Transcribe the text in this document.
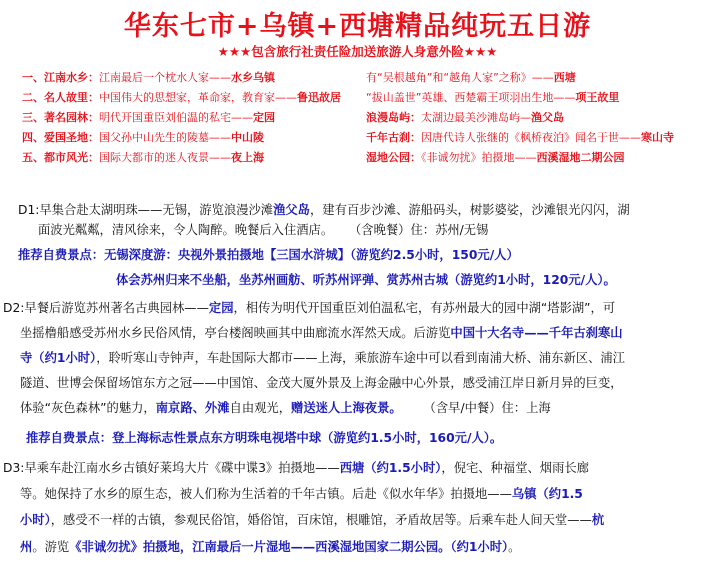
华东七市+乌镇+西塘精品纯玩五日游
★★★包含旅行社责任险加送旅游人身意外险★★★
一、江南水乡：江南最后一个枕水人家——水乡乌镇	有“吴根越角”和“越角人家”之称》——西塘
二、名人故里：中国伟大的思想家，革命家，教育家——鲁迅故居	“拔山盖世”英雄、西楚霸王项羽出生地——项王故里
三、著名园林：明代开国重臣刘伯温的私宅——定园	浪漫岛屿：太湖边最美沙滩岛屿—渔父岛
四、爱国圣地：国父孙中山先生的陵墓——中山陵	千年古刹：因唐代诗人张继的《枫桥夜泊》闻名于世——寒山寺
五、都市风光：国际大都市的迷人夜景——夜上海	湿地公园：《非诚勿扰》拍摄地——西溪湿地二期公园
D1:早集合赴太湖明珠——无锡，游览浪漫沙滩渔父岛，建有百步沙滩、游船码头，树影婆娑，沙滩银光闪闪，湖
面波光粼粼，清风徐来，令人陶醉。晚餐后入住酒店。 （含晚餐）住：苏州/无锡
推荐自费景点：无锡深度游：央视外景拍摄地【三国水浒城】（游览约2.5小时，150元/人）
体会苏州归来不坐船，坐苏州画舫、听苏州评弹、赏苏州古城（游览约1小时，120元/人）。
D2:早餐后游览苏州著名古典园林——定园，相传为明代开国重臣刘伯温私宅，有苏州最大的园中湖“塔影湖”，可
坐摇橹船感受苏州水乡民俗风情，亭台楼阁映画其中曲廊流水浑然天成。后游览中国十大名寺——千年古刹寒山
寺（约1小时），聆听寒山寺钟声，车赴国际大都市——上海，乘旅游车途中可以看到南浦大桥、浦东新区、浦江
隧道、世博会保留场馆东方之冠——中国馆、金茂大厦外景及上海金融中心外景，感受浦江岸日新月异的巨变，
体验“灰色森林”的魅力，南京路、外滩自由观光，赠送迷人上海夜景。 （含早/中餐）住：上海
推荐自费景点：登上海标志性景点东方明珠电视塔中球（游览约1.5小时，160元/人）。
D3:早乘车赴江南水乡古镇好莱坞大片《碟中谍3》拍摄地——西塘（约1.5小时），倪宅、种福堂、烟雨长廊
等。她保持了水乡的原生态，被人们称为生活着的千年古镇。后赴《似水年华》拍摄地——乌镇（约1.5
小时），感受不一样的古镇，参观民俗馆，婚俗馆，百床馆，根雕馆，矛盾故居等。后乘车赴人间天堂——杭
州。游览《非诚勿扰》拍摄地，江南最后一片湿地——西溪湿地国家二期公园。（约1小时）。
